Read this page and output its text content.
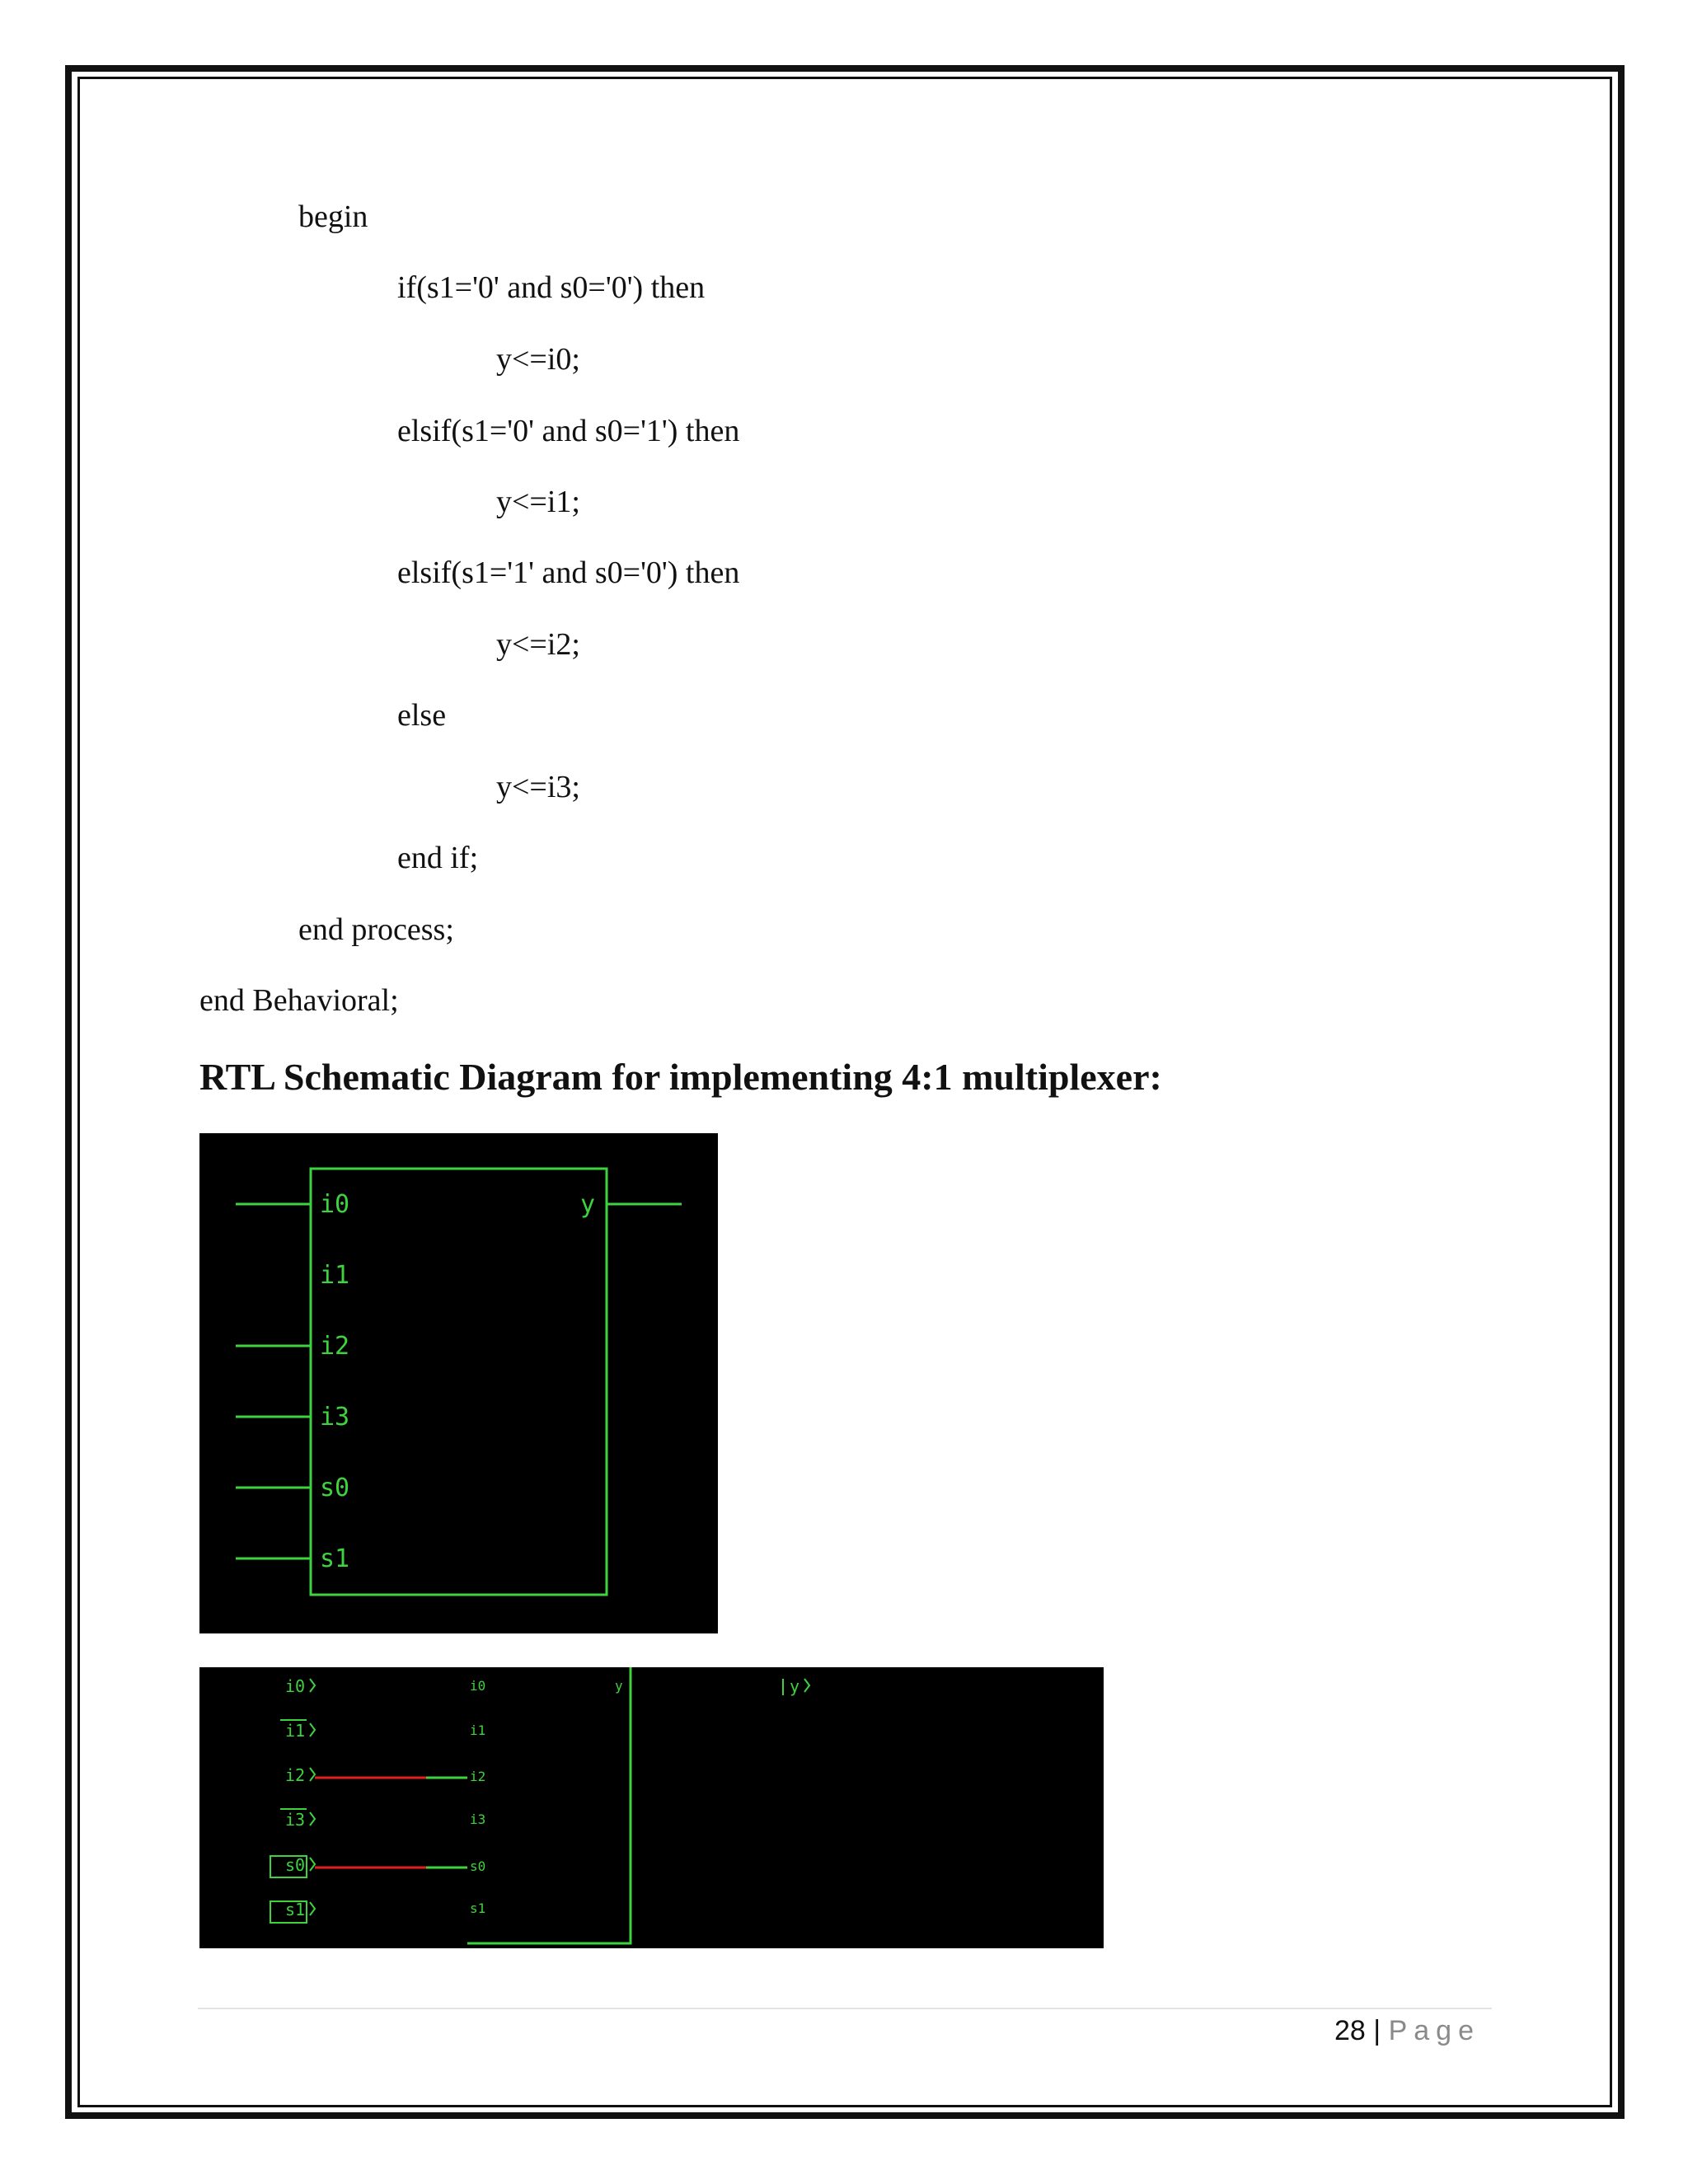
begin
if(s1='0' and s0='0') then
y<=i0;
elsif(s1='0' and s0='1') then
y<=i1;
elsif(s1='1' and s0='0') then
y<=i2;
else
y<=i3;
end if;
end process;
end Behavioral;
RTL Schematic Diagram for implementing 4:1 multiplexer:
i0
i1
i2
i3
s0
s1
y
i0
i1
i2
i3
s0
s1
i0
i1
i2
i3
s0
s1
y	y
28 | Page
